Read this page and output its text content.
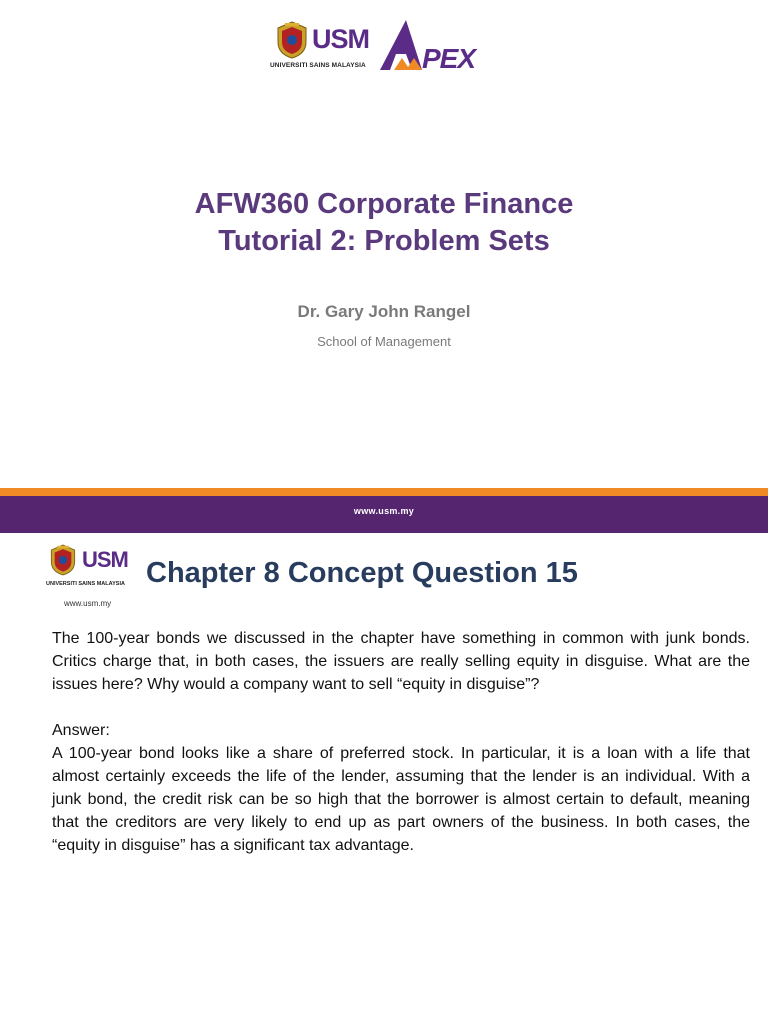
USM
UNIVERSITI SAINS MALAYSIA PEX
AFW360 Corporate Finance
Tutorial 2: Problem Sets
Dr. Gary John Rangel
School of Management
www.usm.my
USM
UNIVERSITI SAINS MALAYSIA
www.usm.my
Chapter 8 Concept Question 15

The 100-year bonds we discussed in the chapter have something in common with junk bonds. Critics charge that, in both cases, the issuers are really selling equity in disguise. What are the issues here? Why would a company want to sell “equity in disguise”?

Answer:

A 100-year bond looks like a share of preferred stock. In particular, it is a loan with a life that almost certainly exceeds the life of the lender, assuming that the lender is an individual. With a junk bond, the credit risk can be so high that the borrower is almost certain to default, meaning that the creditors are very likely to end up as part owners of the business. In both cases, the “equity in disguise” has a significant tax advantage.
